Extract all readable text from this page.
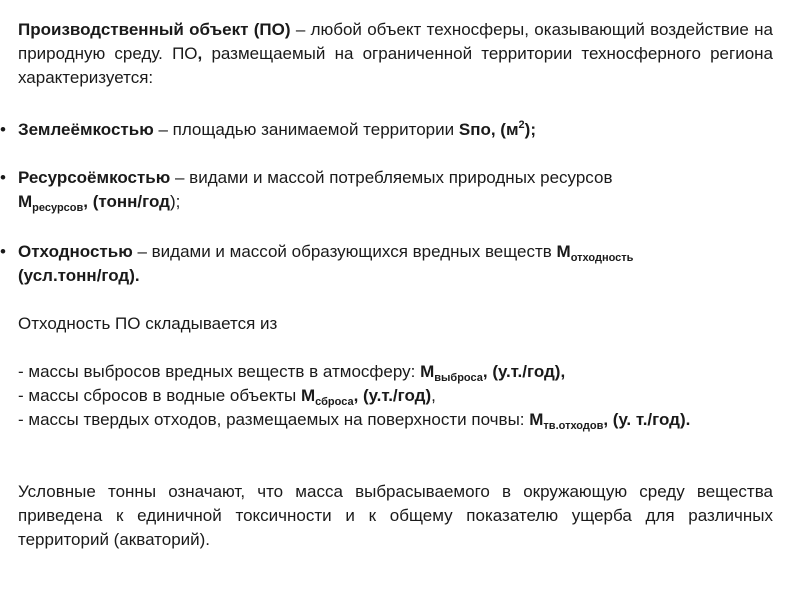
Производственный объект (ПО) – любой объект техносферы, оказывающий воздействие на природную среду. ПО, размещаемый на ограниченной территории техносферного региона характеризуется:
• Землеёмкостью – площадью занимаемой территории Sпо, $(м^2)$;
• Ресурсоёмкостью – видами и массой потребляемых природных ресурсов
$М_{ресурсов}$, (тонн/год);
• Отходностью – видами и массой образующихся вредных веществ $М_{отходность}$
(усл.тонн/год).
Отходность ПО складывается из
- массы выбросов вредных веществ в атмосферу: $М_{выброса}$, (у.т./год),
- массы сбросов в водные объекты $М_{сброса}$, (у.т./год),
- массы твердых отходов, размещаемых на поверхности почвы: $М_{тв.отходов}$, (у. т./год).
Условные тонны означают, что масса выбрасываемого в окружающую среду вещества приведена к единичной токсичности и к общему показателю ущерба для различных территорий (акваторий).
